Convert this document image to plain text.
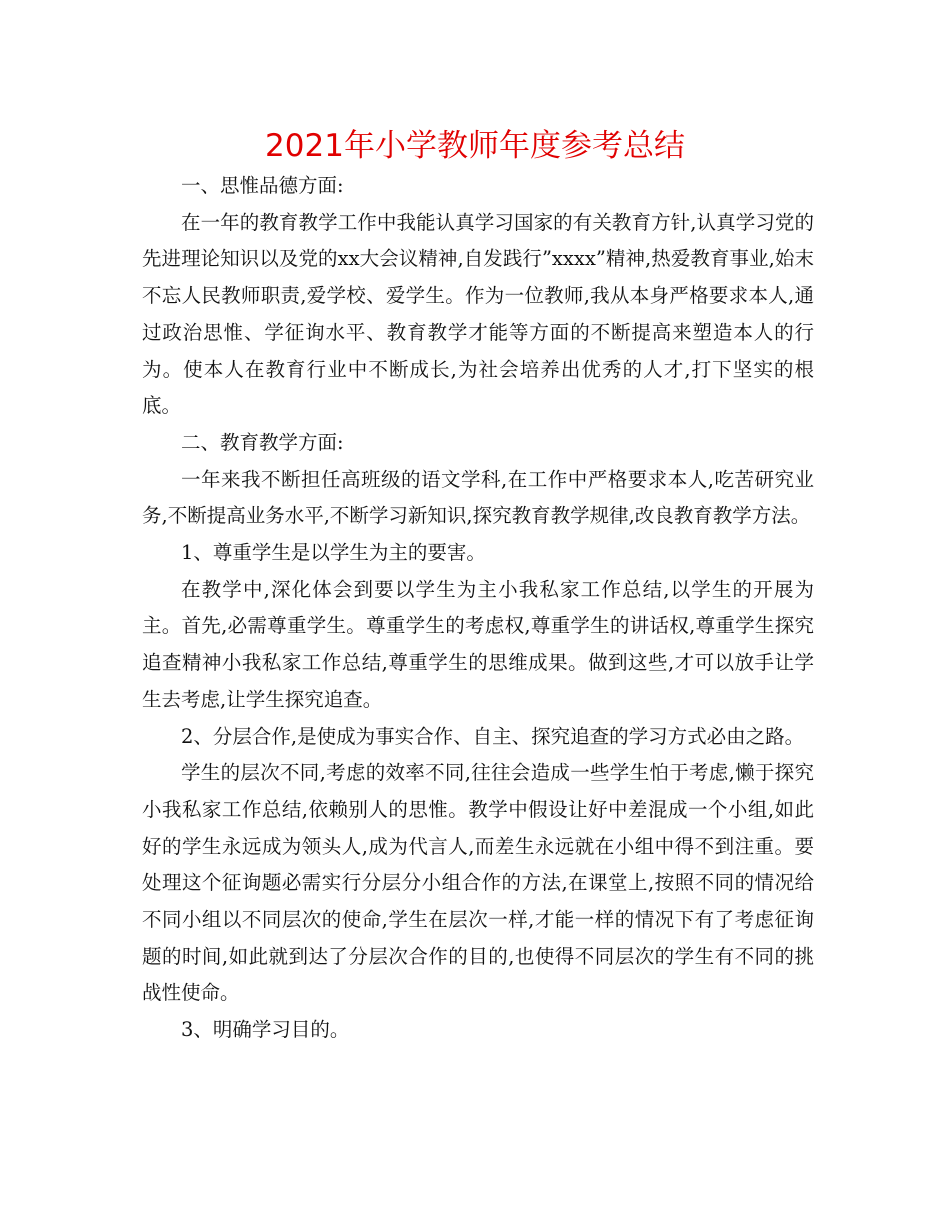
2021年小学教师年度参考总结

一、思惟品德方面:

在一年的教育教学工作中我能认真学习国家的有关教育方针,认真学习党的先进理论知识以及党的xx大会议精神,自发践行”xxxx”精神,热爱教育事业,始末不忘人民教师职责,爱学校、爱学生。作为一位教师,我从本身严格要求本人,通过政治思惟、学征询水平、教育教学才能等方面的不断提高来塑造本人的行为。使本人在教育行业中不断成长,为社会培养出优秀的人才,打下坚实的根底。

二、教育教学方面:

一年来我不断担任高班级的语文学科,在工作中严格要求本人,吃苦研究业务,不断提高业务水平,不断学习新知识,探究教育教学规律,改良教育教学方法。

1、尊重学生是以学生为主的要害。

在教学中,深化体会到要以学生为主小我私家工作总结,以学生的开展为主。首先,必需尊重学生。尊重学生的考虑权,尊重学生的讲话权,尊重学生探究追查精神小我私家工作总结,尊重学生的思维成果。做到这些,才可以放手让学生去考虑,让学生探究追查。

2、分层合作,是使成为事实合作、自主、探究追查的学习方式必由之路。

学生的层次不同,考虑的效率不同,往往会造成一些学生怕于考虑,懒于探究小我私家工作总结,依赖别人的思惟。教学中假设让好中差混成一个小组,如此好的学生永远成为领头人,成为代言人,而差生永远就在小组中得不到注重。要处理这个征询题必需实行分层分小组合作的方法,在课堂上,按照不同的情况给不同小组以不同层次的使命,学生在层次一样,才能一样的情况下有了考虑征询题的时间,如此就到达了分层次合作的目的,也使得不同层次的学生有不同的挑战性使命。

3、明确学习目的。
